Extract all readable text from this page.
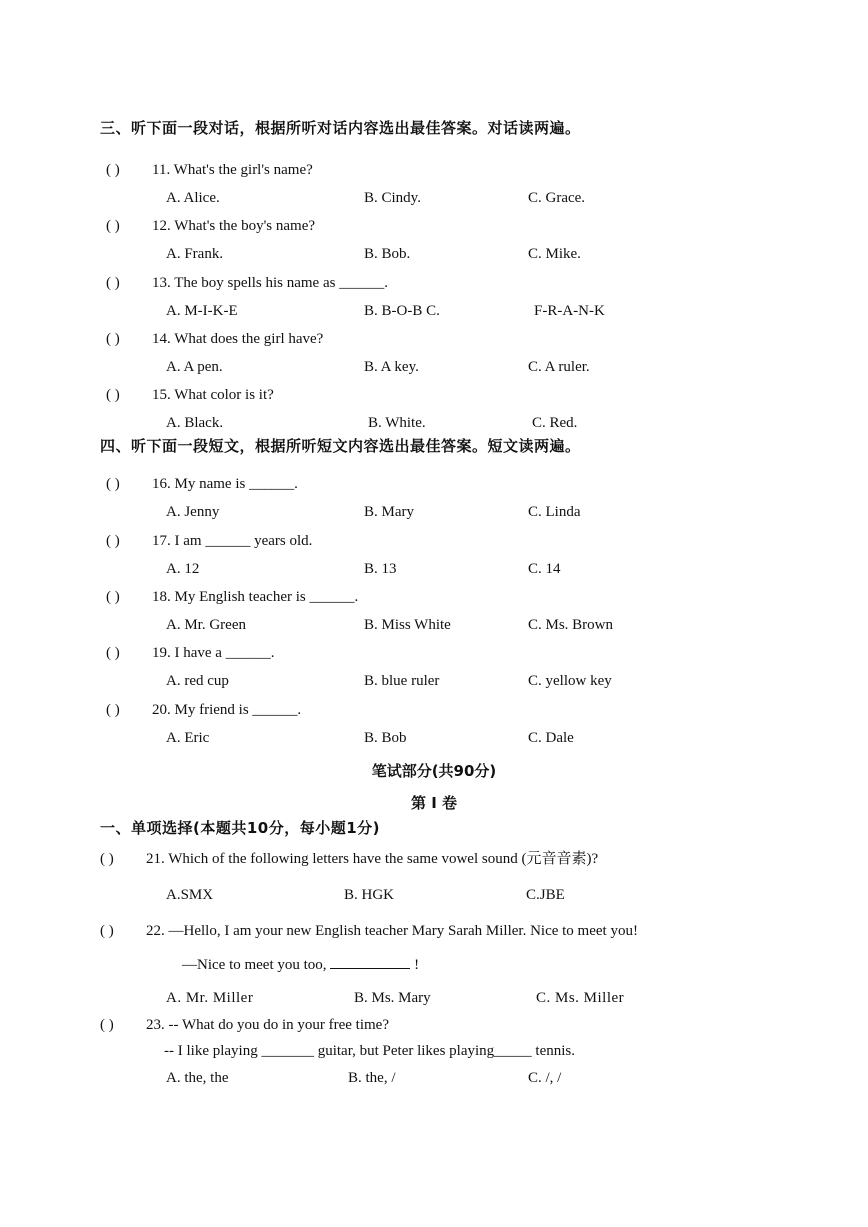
三、听下面一段对话，根据所听对话内容选出最佳答案。对话读两遍。
( ) 11. What's the girl's name?
A. Alice.	B. Cindy.	C. Grace.
( ) 12. What's the boy's name?
A. Frank.	B. Bob.	C. Mike.
( ) 13. The boy spells his name as ______.
A. M-I-K-E	B. B-O-B C.	F-R-A-N-K
( ) 14. What does the girl have?
A. A pen.	B. A key.	C. A ruler.
( ) 15. What color is it?
A. Black.	B. White.	C. Red.
四、听下面一段短文，根据所听短文内容选出最佳答案。短文读两遍。
( ) 16. My name is ______.
A. Jenny	B. Mary	C. Linda
( ) 17. I am ______ years old.
A. 12	B. 13	C. 14
( ) 18. My English teacher is ______.
A. Mr. Green	B. Miss White	C. Ms. Brown
( ) 19. I have a ______.
A. red cup	B. blue ruler	C. yellow key
( ) 20. My friend is ______.
A. Eric	B. Bob	C. Dale
笔试部分(共90分)
第 I 卷
一、单项选择(本题共10分，每小题1分)
( ) 21. Which of the following letters have the same vowel sound (元音音素)?
A.SMX	B. HGK	C.JBE
( ) 22. —Hello, I am your new English teacher Mary Sarah Miller. Nice to meet you!
—Nice to meet you too,	!
A. Mr. Miller	B. Ms. Mary	C. Ms. Miller
( ) 23. -- What do you do in your free time?
-- I like playing _______ guitar, but Peter likes playing_____ tennis.
A. the, the	B. the, /	C. /, /
